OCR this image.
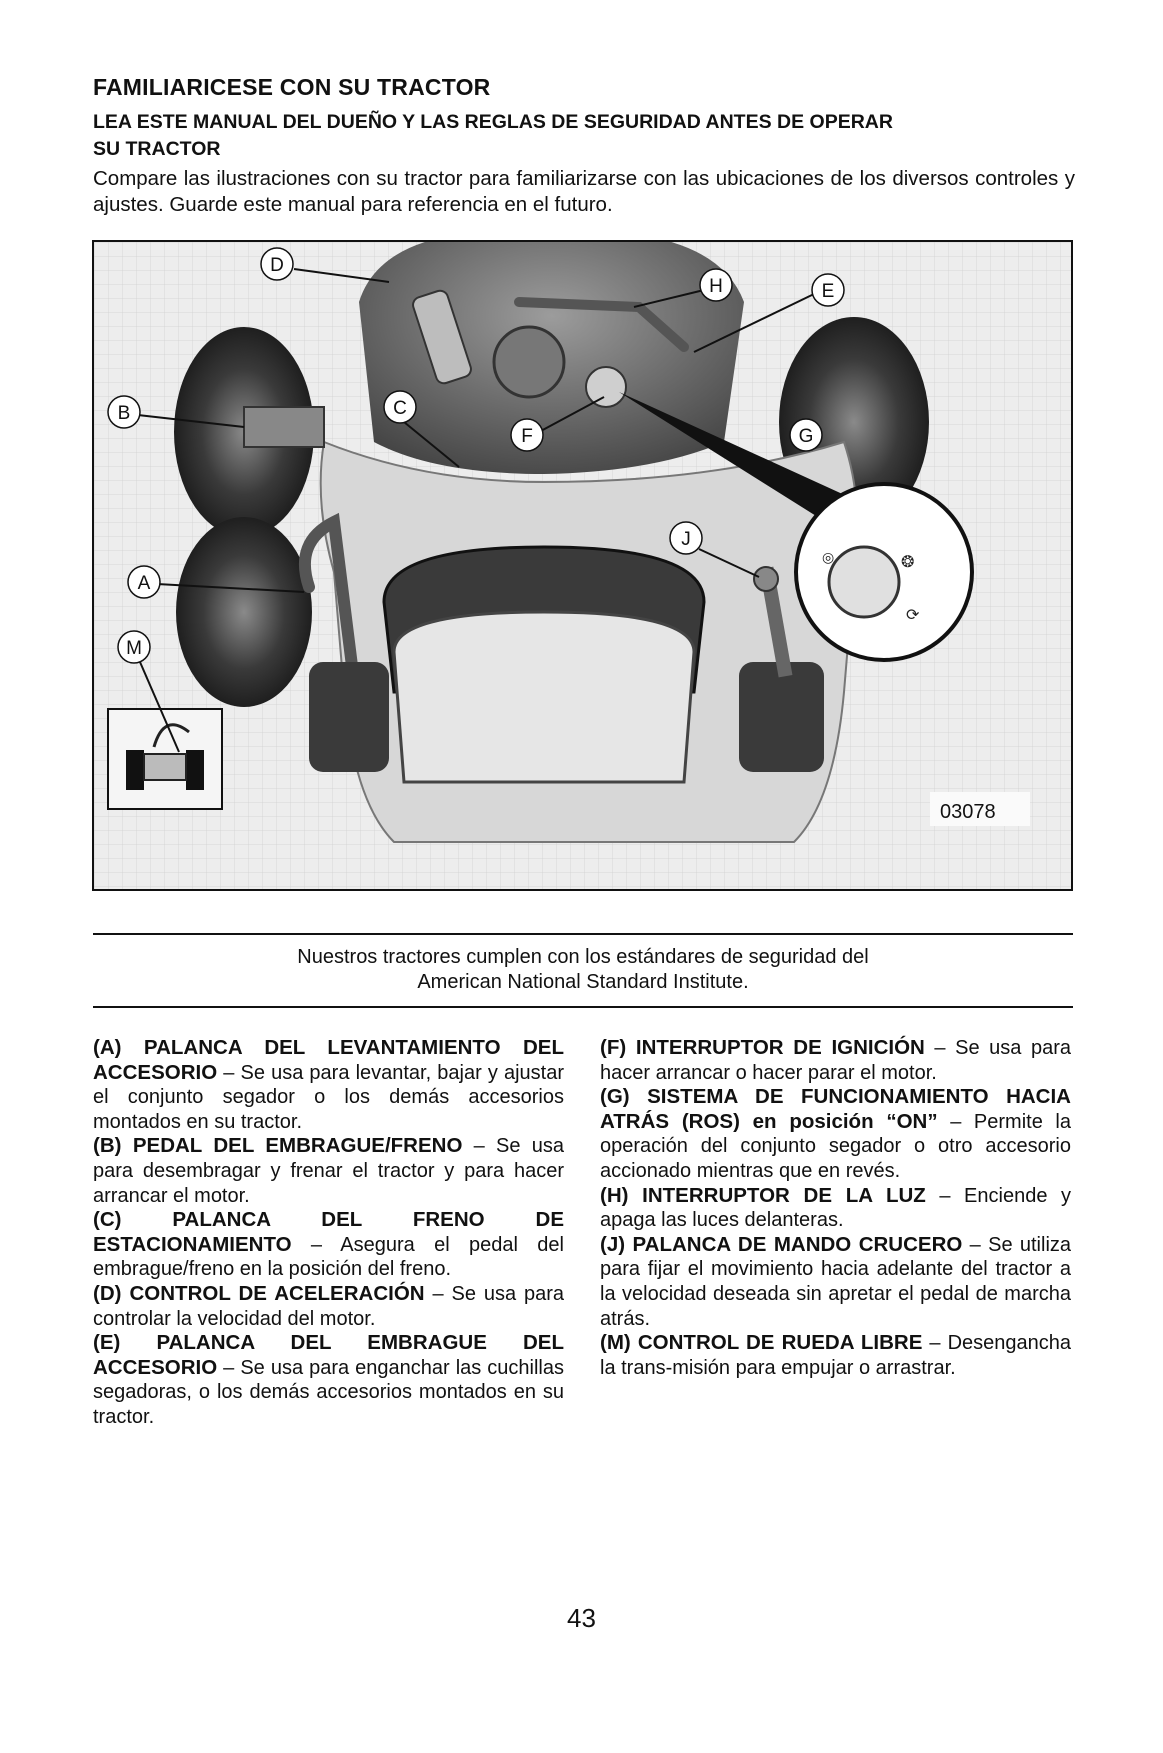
FAMILIARICESE CON SU TRACTOR

LEA ESTE MANUAL DEL DUEÑO Y LAS REGLAS DE SEGURIDAD ANTES DE OPERAR
SU TRACTOR

Compare las ilustraciones con su tractor para familiarizarse con las ubicaciones de los diversos controles y ajustes. Guarde este manual para referencia en el futuro.

◎	❂
⟳
D
H	E
B	C
F	G
J
A
M
03078

Nuestros tractores cumplen con los estándares de seguridad del
American National Standard Institute.

(A) PALANCA DEL LEVANTAMIENTO DEL ACCESORIO – Se usa para levantar, bajar y ajustar el conjunto segador o los demás accesorios montados en su tractor.

(B) PEDAL DEL EMBRAGUE/FRENO – Se usa para desembragar y frenar el tractor y para hacer arrancar el motor.

(C) PALANCA DEL FRENO DE ESTACIONAMIENTO – Asegura el pedal del embrague/freno en la posición del freno.

(D) CONTROL DE ACELERACIÓN – Se usa para controlar la velocidad del motor.

(E) PALANCA DEL EMBRAGUE DEL ACCESORIO – Se usa para enganchar las cuchillas segadoras, o los demás accesorios montados en su tractor.

(F) INTERRUPTOR DE IGNICIÓN – Se usa para hacer arrancar o hacer parar el motor.

(G) SISTEMA DE FUNCIONAMIENTO HACIA ATRÁS (ROS) en posición “ON” – Permite la operación del conjunto segador o otro accesorio accionado mientras que en revés.

(H) INTERRUPTOR DE LA LUZ – Enciende y apaga las luces delanteras.

(J) PALANCA DE MANDO CRUCERO – Se utiliza para fijar el movimiento hacia adelante del tractor a la velocidad deseada sin apretar el pedal de marcha atrás.

(M) CONTROL DE RUEDA LIBRE – Desengancha la trans-misión para empujar o arrastrar.

43
